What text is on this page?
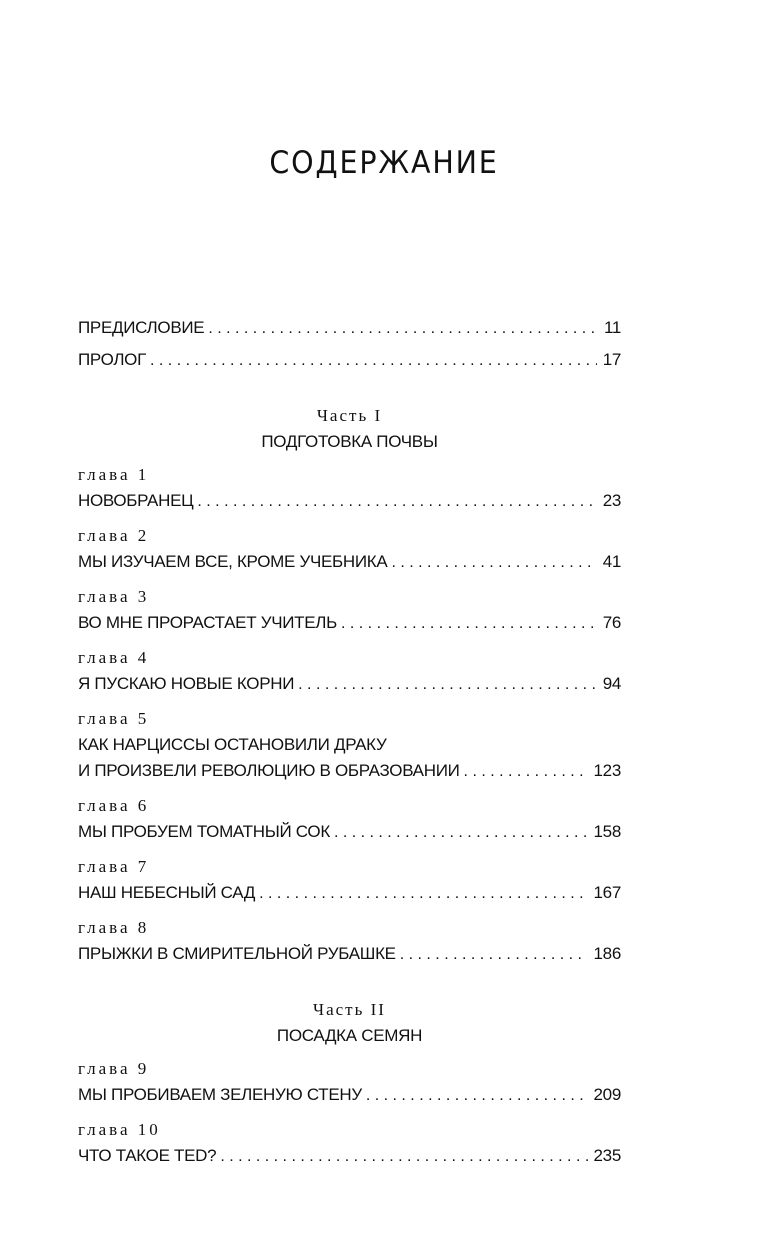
СОДЕРЖАНИЕ
ПРЕДИСЛОВИЕ . . .	11
ПРОЛОГ . . .	17
Часть I
ПОДГОТОВКА ПОЧВЫ
глава 1
НОВОБРАНЕЦ . . .	23
глава 2
МЫ ИЗУЧАЕМ ВСЕ, КРОМЕ УЧЕБНИКА . . .	41
глава 3
ВО МНЕ ПРОРАСТАЕТ УЧИТЕЛЬ . . .	76
глава 4
Я ПУСКАЮ НОВЫЕ КОРНИ . . .	94
глава 5
КАК НАРЦИССЫ ОСТАНОВИЛИ ДРАКУ
И ПРОИЗВЕЛИ РЕВОЛЮЦИЮ В ОБРАЗОВАНИИ . . .	123
глава 6
МЫ ПРОБУЕМ ТОМАТНЫЙ СОК . . .	158
глава 7
НАШ НЕБЕСНЫЙ САД . . .	167
глава 8
ПРЫЖКИ В СМИРИТЕЛЬНОЙ РУБАШКЕ . . .	186
Часть II
ПОСАДКА СЕМЯН
глава 9
МЫ ПРОБИВАЕМ ЗЕЛЕНУЮ СТЕНУ . . .	209
глава 10
ЧТО ТАКОЕ TED? . . .	235
